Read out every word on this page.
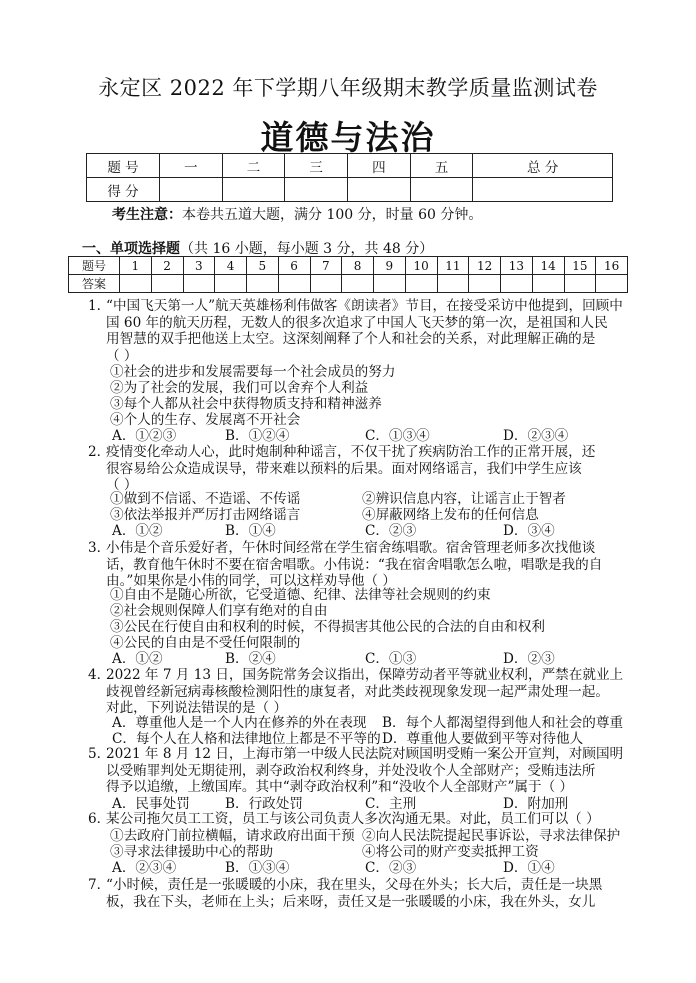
永定区 2022 年下学期八年级期末教学质量监测试卷
道德与法治
题 号	一	二	三	四	五	总 分
得 分						
考生注意：本卷共五道大题，满分 100 分，时量 60 分钟。
一、单项选择题（共 16 小题，每小题 3 分，共 48 分）
题号	1	2	3	4	5	6	7	8	9	10	11	12	13	14	15	16
答案																
1．
“中国飞天第一人”航天英雄杨利伟做客《朗读者》节目，在接受采访中他提到，回顾中
国 60 年的航天历程，无数人的很多次追求了中国人飞天梦的第一次，是祖国和人民
用智慧的双手把他送上太空。这深刻阐释了个人和社会的关系，对此理解正确的是
（ ）
①社会的进步和发展需要每一个社会成员的努力
②为了社会的发展，我们可以舍弃个人利益
③每个人都从社会中获得物质支持和精神滋养
④个人的生存、发展离不开社会
A．①②③	B．①②④	C．①③④	D．②③④
2．
疫情变化牵动人心，此时炮制种种谣言，不仅干扰了疾病防治工作的正常开展，还
很容易给公众造成误导，带来难以预料的后果。面对网络谣言，我们中学生应该
（ ）
①做到不信谣、不造谣、不传谣	②辨识信息内容，让谣言止于智者
③依法举报并严厉打击网络谣言	④屏蔽网络上发布的任何信息
A．①②	B．①④	C．②③	D．③④
3．
小伟是个音乐爱好者，午休时间经常在学生宿舍练唱歌。宿舍管理老师多次找他谈
话，教育他午休时不要在宿舍唱歌。小伟说：“我在宿舍唱歌怎么啦，唱歌是我的自
由。”如果你是小伟的同学，可以这样劝导他（ ）
①自由不是随心所欲，它受道德、纪律、法律等社会规则的约束
②社会规则保障人们享有绝对的自由
③公民在行使自由和权利的时候，不得损害其他公民的合法的自由和权利
④公民的自由是不受任何限制的
A．①②	B．②④	C．①③	D．②③
4．
2022 年 7 月 13 日，国务院常务会议指出，保障劳动者平等就业权利，严禁在就业上
歧视曾经新冠病毒核酸检测阳性的康复者，对此类歧视现象发现一起严肃处理一起。
对此，下列说法错误的是（ ）
A．尊重他人是一个人内在修养的外在表现 B．每个人都渴望得到他人和社会的尊重
C．每个人在人格和法律地位上都是不平等的 D．尊重他人要做到平等对待他人
5．
2021 年 8 月 12 日，上海市第一中级人民法院对顾国明受贿一案公开宣判，对顾国明
以受贿罪判处无期徒刑，剥夺政治权利终身，并处没收个人全部财产；受贿违法所
得予以追缴，上缴国库。其中“剥夺政治权利”和“没收个人全部财产”属于（ ）
A．民事处罚	B．行政处罚	C．主刑	D．附加刑
6．
某公司拖欠员工工资，员工与该公司负责人多次沟通无果。对此，员工们可以（ ）
①去政府门前拉横幅，请求政府出面干预 ②向人民法院提起民事诉讼，寻求法律保护
③寻求法律援助中心的帮助	④将公司的财产变卖抵押工资
A．②③④	B．①③④	C．②③	D．①④
7．
“小时候，责任是一张暖暖的小床，我在里头，父母在外头；长大后，责任是一块黑
板，我在下头，老师在上头；后来呀，责任又是一张暖暖的小床，我在外头，女儿
